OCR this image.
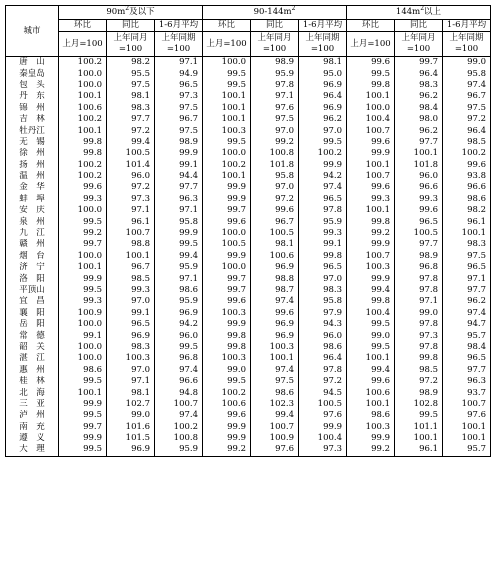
城市	$90m^2$及以下			$90-144m^2$			$144m^2$以上		
	环比	同比	1-6月平均	环比	同比	1-6月平均	环比	同比	1-6月平均
	上月=100	上年同月=100	上年同期=100	上月=100	上年同月=100	上年同期=100	上月=100	上年同月=100	上年同期=100
唐　山	100.2	98.2	97.1	100.0	98.9	98.1	99.6	99.7	99.0
秦皇岛	100.0	95.5	94.9	99.5	95.9	95.0	99.5	96.4	95.8
包　头	100.0	97.5	96.5	99.5	97.8	96.9	99.8	98.3	97.4
丹　东	100.1	98.1	97.3	100.1	97.1	96.4	100.1	96.2	96.7
锦　州	100.6	98.3	97.5	100.1	97.6	96.9	100.0	98.4	97.5
吉　林	100.2	97.7	96.7	100.1	97.5	96.2	100.4	98.0	97.2
牡丹江	100.1	97.2	97.5	100.3	97.0	97.0	100.7	96.2	96.4
无　锡	99.8	99.4	98.9	99.5	99.2	99.5	99.6	97.7	98.5
徐　州	99.8	100.5	99.9	100.0	100.8	100.2	99.9	100.1	100.2
扬　州	100.2	101.4	99.1	100.2	101.8	99.9	100.1	101.8	99.6
温　州	100.2	96.0	94.4	100.1	95.8	94.2	100.7	96.0	93.8
金　华	99.6	97.2	97.7	99.9	97.0	97.4	99.6	96.6	96.6
蚌　埠	99.3	97.3	96.3	99.9	97.2	96.5	99.3	99.3	98.6
安　庆	100.0	97.1	97.1	99.7	99.6	97.8	100.1	99.6	98.2
泉　州	99.5	96.1	95.8	99.6	96.7	95.9	99.8	96.5	96.1
九　江	99.2	100.7	99.9	100.0	100.5	99.3	99.2	100.5	100.1
赣　州	99.7	98.8	99.5	100.5	98.1	99.1	99.9	97.7	98.3
烟　台	100.0	100.1	99.4	99.9	100.6	99.8	100.7	98.9	97.5
济　宁	100.1	96.7	95.9	100.0	96.9	96.5	100.3	96.8	96.5
洛　阳	99.9	98.5	97.1	99.7	98.8	97.0	99.9	97.8	97.1
平顶山	99.5	99.3	98.6	99.7	98.7	98.3	99.4	97.8	97.7
宜　昌	99.3	97.0	95.9	99.6	97.4	95.8	99.8	97.1	96.2
襄　阳	100.9	99.1	96.9	100.3	99.6	97.9	100.4	99.0	97.4
岳　阳	100.0	96.5	94.2	99.9	96.9	94.3	99.5	97.8	94.7
常　德	99.1	96.9	96.0	99.8	96.9	96.0	99.0	97.3	95.7
韶　关	100.0	98.3	99.5	99.8	100.3	98.6	99.5	97.8	98.4
湛　江	100.0	100.3	96.8	100.3	100.1	96.4	100.1	99.8	96.5
惠　州	98.6	97.0	97.4	99.0	97.4	97.8	99.4	98.5	97.7
桂　林	99.5	97.1	96.6	99.5	97.5	97.2	99.6	97.2	96.3
北　海	100.1	98.1	94.8	100.2	98.6	94.5	100.6	98.9	93.7
三　亚	99.9	102.7	100.7	100.6	102.3	100.5	100.1	102.8	100.7
泸　州	99.5	99.0	97.4	99.6	99.4	97.6	98.6	99.5	97.6
南　充	99.7	101.6	100.2	99.9	100.7	99.9	100.3	101.1	100.1
遵　义	99.9	101.5	100.8	99.9	100.9	100.4	99.9	100.1	100.1
大　理	99.5	96.9	95.9	99.2	97.6	97.3	99.2	96.1	95.7
